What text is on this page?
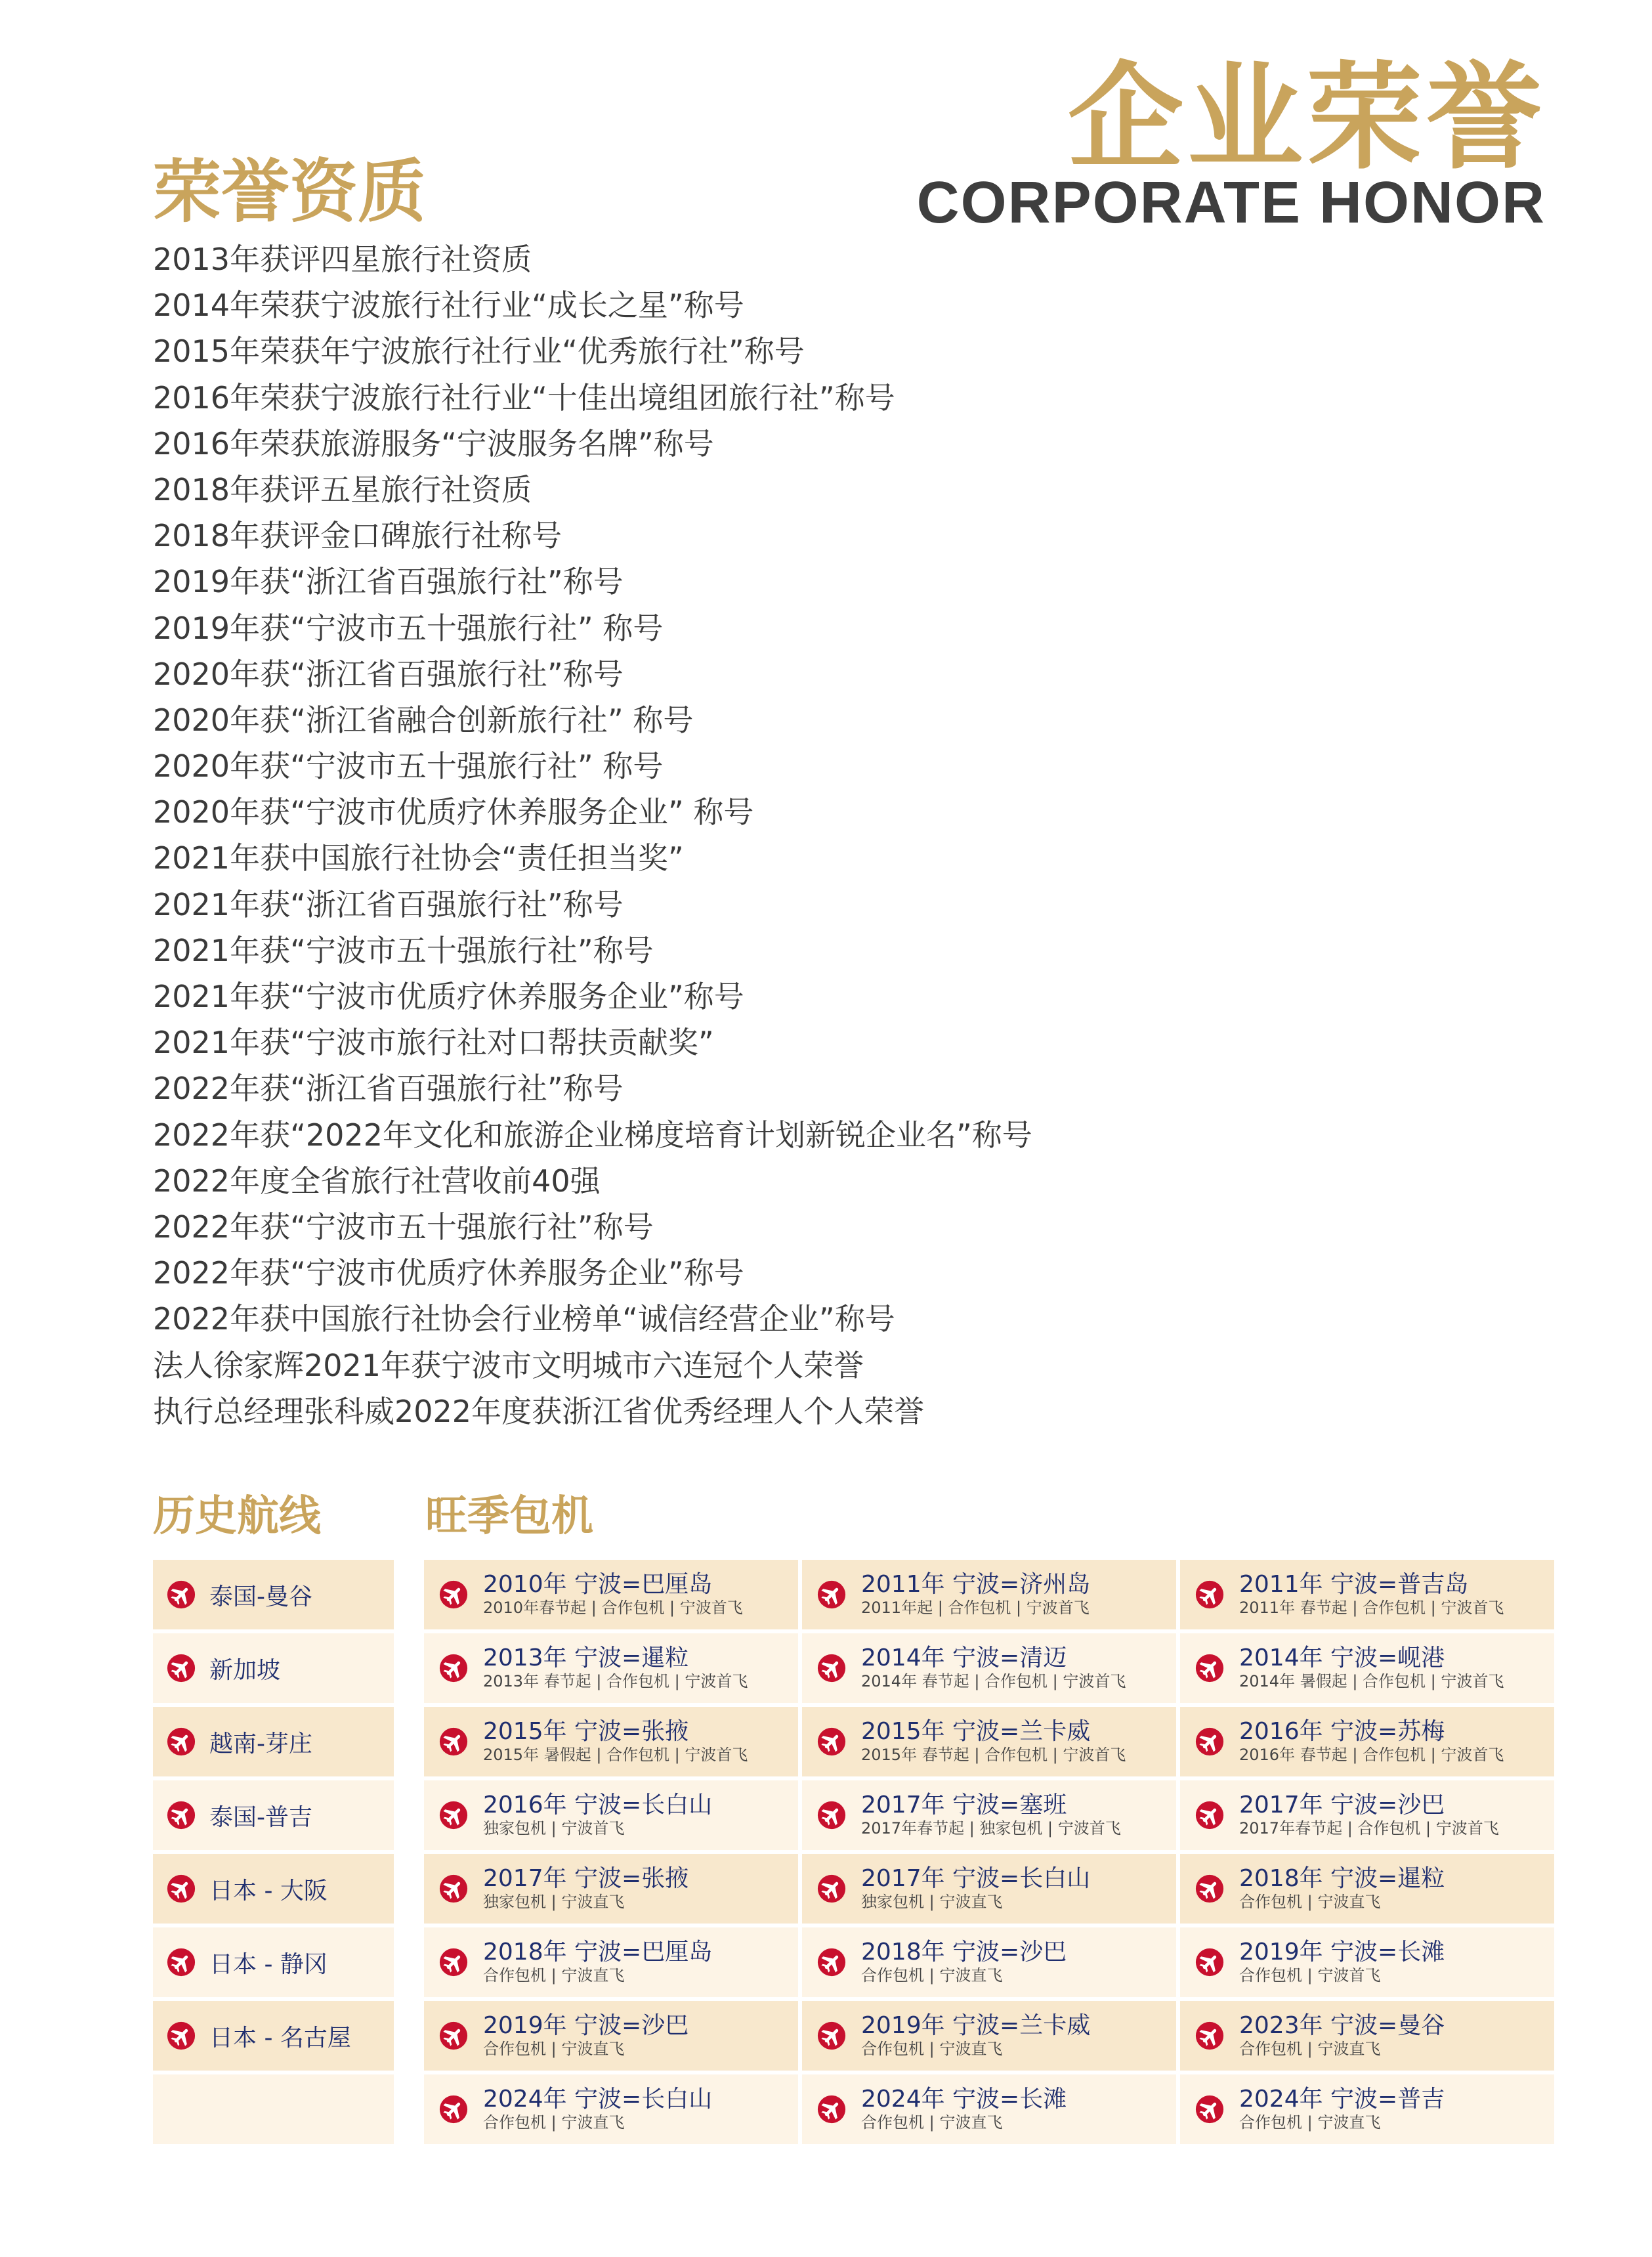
企业荣誉
CORPORATE HONOR
荣誉资质
2013年获评四星旅行社资质
2014年荣获宁波旅行社行业“成长之星”称号
2015年荣获年宁波旅行社行业“优秀旅行社”称号
2016年荣获宁波旅行社行业“十佳出境组团旅行社”称号
2016年荣获旅游服务“宁波服务名牌”称号
2018年获评五星旅行社资质
2018年获评金口碑旅行社称号
2019年获“浙江省百强旅行社”称号
2019年获“宁波市五十强旅行社” 称号
2020年获“浙江省百强旅行社”称号
2020年获“浙江省融合创新旅行社” 称号
2020年获“宁波市五十强旅行社” 称号
2020年获“宁波市优质疗休养服务企业” 称号
2021年获中国旅行社协会“责任担当奖”
2021年获“浙江省百强旅行社”称号
2021年获“宁波市五十强旅行社”称号
2021年获“宁波市优质疗休养服务企业”称号
2021年获“宁波市旅行社对口帮扶贡献奖”
2022年获“浙江省百强旅行社”称号
2022年获“2022年文化和旅游企业梯度培育计划新锐企业名”称号
2022年度全省旅行社营收前40强
2022年获“宁波市五十强旅行社”称号
2022年获“宁波市优质疗休养服务企业”称号
2022年获中国旅行社协会行业榜单“诚信经营企业”称号
法人徐家辉2021年获宁波市文明城市六连冠个人荣誉
执行总经理张科威2022年度获浙江省优秀经理人个人荣誉
历史航线 旺季包机
泰国-曼谷
新加坡
越南-芽庄
泰国-普吉
日本 - 大阪
日本 - 静冈
日本 - 名古屋
2010年 宁波=巴厘岛
2010年春节起 | 合作包机 | 宁波首飞
2011年 宁波=济州岛
2011年起 | 合作包机 | 宁波首飞
2011年 宁波=普吉岛
2011年 春节起 | 合作包机 | 宁波首飞
2013年 宁波=暹粒
2013年 春节起 | 合作包机 | 宁波首飞
2014年 宁波=清迈
2014年 春节起 | 合作包机 | 宁波首飞
2014年 宁波=岘港
2014年 暑假起 | 合作包机 | 宁波首飞
2015年 宁波=张掖
2015年 暑假起 | 合作包机 | 宁波首飞
2015年 宁波=兰卡威
2015年 春节起 | 合作包机 | 宁波首飞
2016年 宁波=苏梅
2016年 春节起 | 合作包机 | 宁波首飞
2016年 宁波=长白山
独家包机 | 宁波首飞
2017年 宁波=塞班
2017年春节起 | 独家包机 | 宁波首飞
2017年 宁波=沙巴
2017年春节起 | 合作包机 | 宁波首飞
2017年 宁波=张掖
独家包机 | 宁波直飞
2017年 宁波=长白山
独家包机 | 宁波直飞
2018年 宁波=暹粒
合作包机 | 宁波直飞
2018年 宁波=巴厘岛
合作包机 | 宁波直飞
2018年 宁波=沙巴
合作包机 | 宁波直飞
2019年 宁波=长滩
合作包机 | 宁波首飞
2019年 宁波=沙巴
合作包机 | 宁波直飞
2019年 宁波=兰卡威
合作包机 | 宁波直飞
2023年 宁波=曼谷
合作包机 | 宁波直飞
2024年 宁波=长白山
合作包机 | 宁波直飞
2024年 宁波=长滩
合作包机 | 宁波直飞
2024年 宁波=普吉
合作包机 | 宁波直飞
